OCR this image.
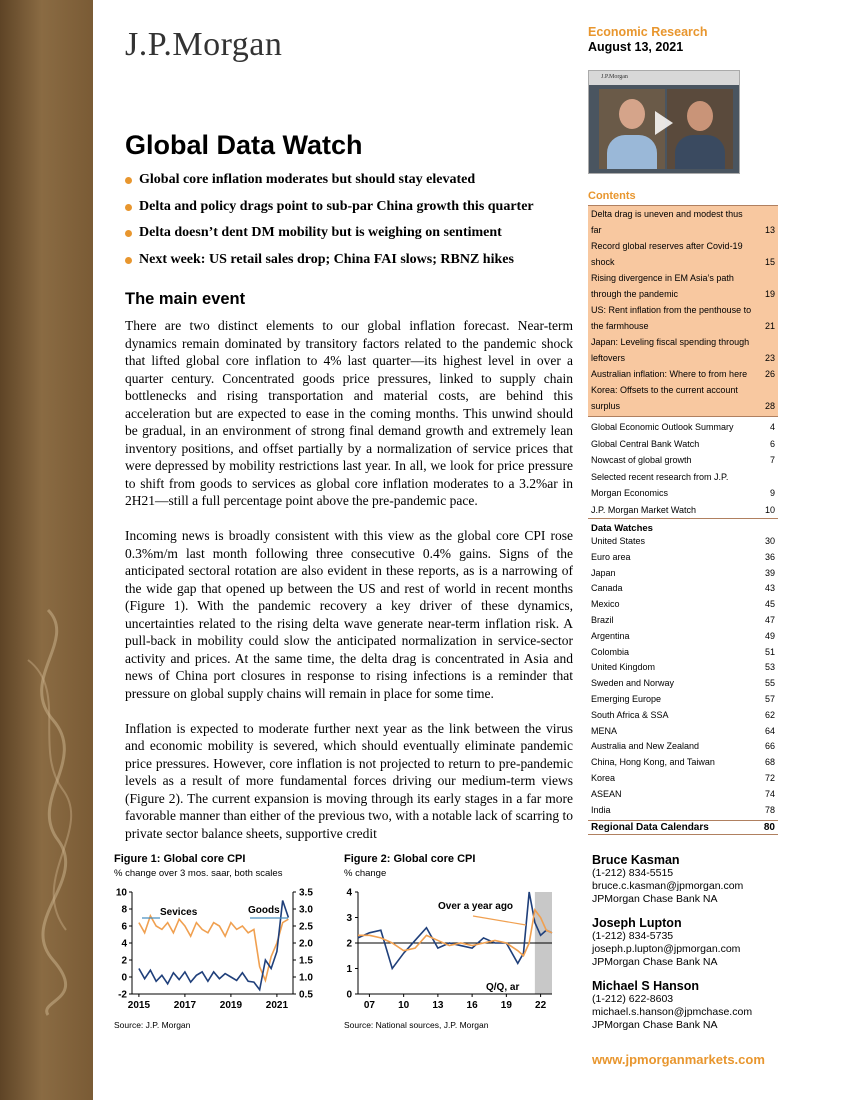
J.P.Morgan	Economic Research
August 13, 2021
J.P.Morgan
Global Data Watch
Global core inflation moderates but should stay elevated
Delta and policy drags point to sub-par China growth this quarter
Delta doesn’t dent DM mobility but is weighing on sentiment
Next week: US retail sales drop; China FAI slows; RBNZ hikes
The main event

There are two distinct elements to our global inflation forecast. Near-term dynamics remain dominated by transitory factors related to the pandemic shock that lifted global core inflation to 4% last quarter—its highest level in over a quarter century. Concentrated goods price pressures, linked to supply chain bottlenecks and rising transportation and material costs, are behind this acceleration but are expected to ease in the coming months. This unwind should be gradual, in an environment of strong final demand growth and extremely lean inventory positions, and offset partially by a normalization of service prices that were depressed by mobility restrictions last year. In all, we look for price pressure to shift from goods to services as global core inflation moderates to a 3.2%ar in 2H21—still a full percentage point above the pre-pandemic pace.

Incoming news is broadly consistent with this view as the global core CPI rose 0.3%m/m last month following three consecutive 0.4% gains. Signs of the anticipated sectoral rotation are also evident in these reports, as is a narrowing of the wide gap that opened up between the US and rest of world in recent months (Figure 1). With the pandemic recovery a key driver of these dynamics, uncertainties related to the rising delta wave generate near-term inflation risk. A pull-back in mobility could slow the anticipated normalization in service-sector activity and prices. At the same time, the delta drag is concentrated in Asia and news of China port closures in response to rising infections is a reminder that pressure on global supply chains will remain in place for some time.

Inflation is expected to moderate further next year as the link between the virus and economic mobility is severed, which should eventually eliminate pandemic price pressures. However, core inflation is not projected to return to pre-pandemic levels as a result of more fundamental forces driving our medium-term views (Figure 2). The current expansion is moving through its early stages in a far more favorable manner than either of the previous two, with a notable lack of scarring to private sector balance sheets, supportive credit

Figure 1: Global core CPI
% change over 3 mos. saar, both scales
10
8
6
4
2
0
-2
3.5
3.0
2.5
2.0
1.5
1.0
0.5
2015 2017 2019 2021
Sevices	Goods
Source: J.P. Morgan
Figure 2: Global core CPI
% change
4
3
2
1
0
07 10 13 16 19 22
Over a year ago
Q/Q, ar
Source: National sources, J.P. Morgan
Contents
Delta drag is uneven and modest thus far	13
Record global reserves after Covid-19 shock	15
Rising divergence in EM Asia’s path through the pandemic	19
US: Rent inflation from the penthouse to the farmhouse	21
Japan: Leveling fiscal spending through leftovers	23
Australian inflation: Where to from here	26
Korea: Offsets to the current account surplus	28
Global Economic Outlook Summary	4
Global Central Bank Watch	6
Nowcast of global growth	7
Selected recent research from J.P. Morgan Economics	9
J.P. Morgan Market Watch	10
Data Watches
United States	30
Euro area	36
Japan	39
Canada	43
Mexico	45
Brazil	47
Argentina	49
Colombia	51
United Kingdom	53
Sweden and Norway	55
Emerging Europe	57
South Africa & SSA	62
MENA	64
Australia and New Zealand	66
China, Hong Kong, and Taiwan	68
Korea	72
ASEAN	74
India	78
Regional Data Calendars	80
Bruce Kasman
(1-212) 834-5515
bruce.c.kasman@jpmorgan.com
JPMorgan Chase Bank NA
Joseph Lupton
(1-212) 834-5735
joseph.p.lupton@jpmorgan.com
JPMorgan Chase Bank NA
Michael S Hanson
(1-212) 622-8603
michael.s.hanson@jpmchase.com
JPMorgan Chase Bank NA
www.jpmorganmarkets.com
